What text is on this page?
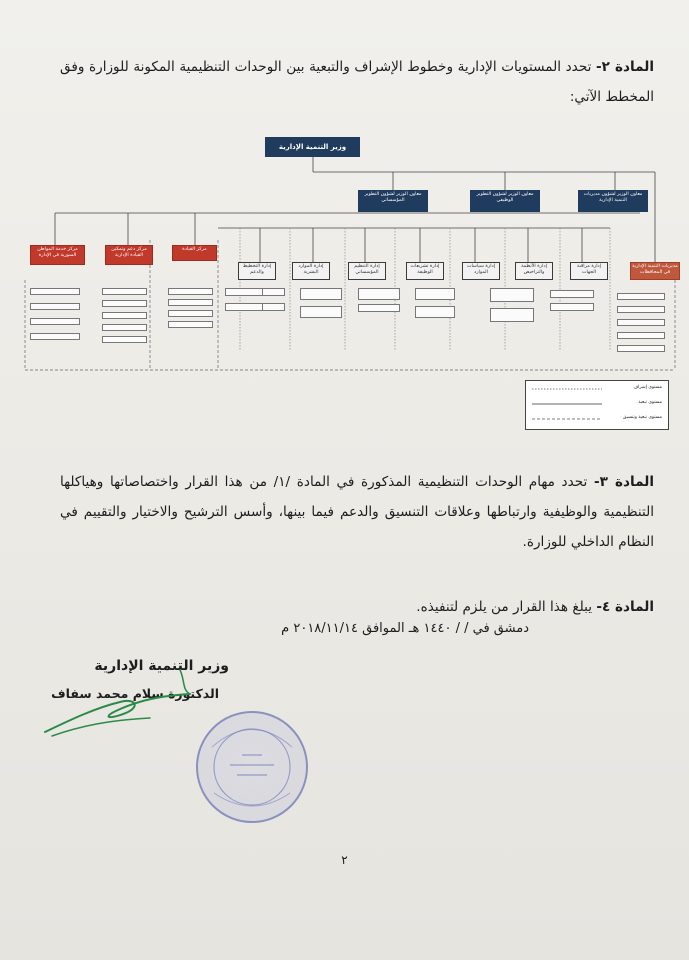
المادة ٢- تحدد المستويات الإدارية وخطوط الإشراف والتبعية بين الوحدات التنظيمية المكونة للوزارة وفق المخطط الآتي:
وزير التنمية الإدارية
معاون الوزير لشؤون مديريات التنمية الإدارية
معاون الوزير لشؤون التطوير الوظيفي
معاون الوزير لشؤون التطوير المؤسساتي
مركز القيادة
مركز دعم وتمكين القيادة الإدارية
مركز خدمة المواطن السورية في الإدارة
مديريات التنمية الإدارية في المحافظات
إدارة مراقبة الجهات
إدارة الأنظمة والتراخيص
إدارة سياسات الموارد
إدارة تشريعات الوظيفة
إدارة التنظيم المؤسساتي
إدارة الموارد البشرية
إدارة التخطيط والدعم
مستوى إشراف
مستوى تبعية
مستوى تبعية وتنسيق
المادة ٣- تحدد مهام الوحدات التنظيمية المذكورة في المادة /١/ من هذا القرار واختصاصاتها وهياكلها التنظيمية والوظيفية وارتباطها وعلاقات التنسيق والدعم فيما بينها، وأسس الترشيح والاختيار والتقييم في النظام الداخلي للوزارة.
المادة ٤- يبلغ هذا القرار من يلزم لتنفيذه.
دمشق في / / ١٤٤٠ هـ الموافق ٢٠١٨/١١/١٤ م
وزير التنمية الإدارية
الدكتورة سلام محمد سفاف
٢
